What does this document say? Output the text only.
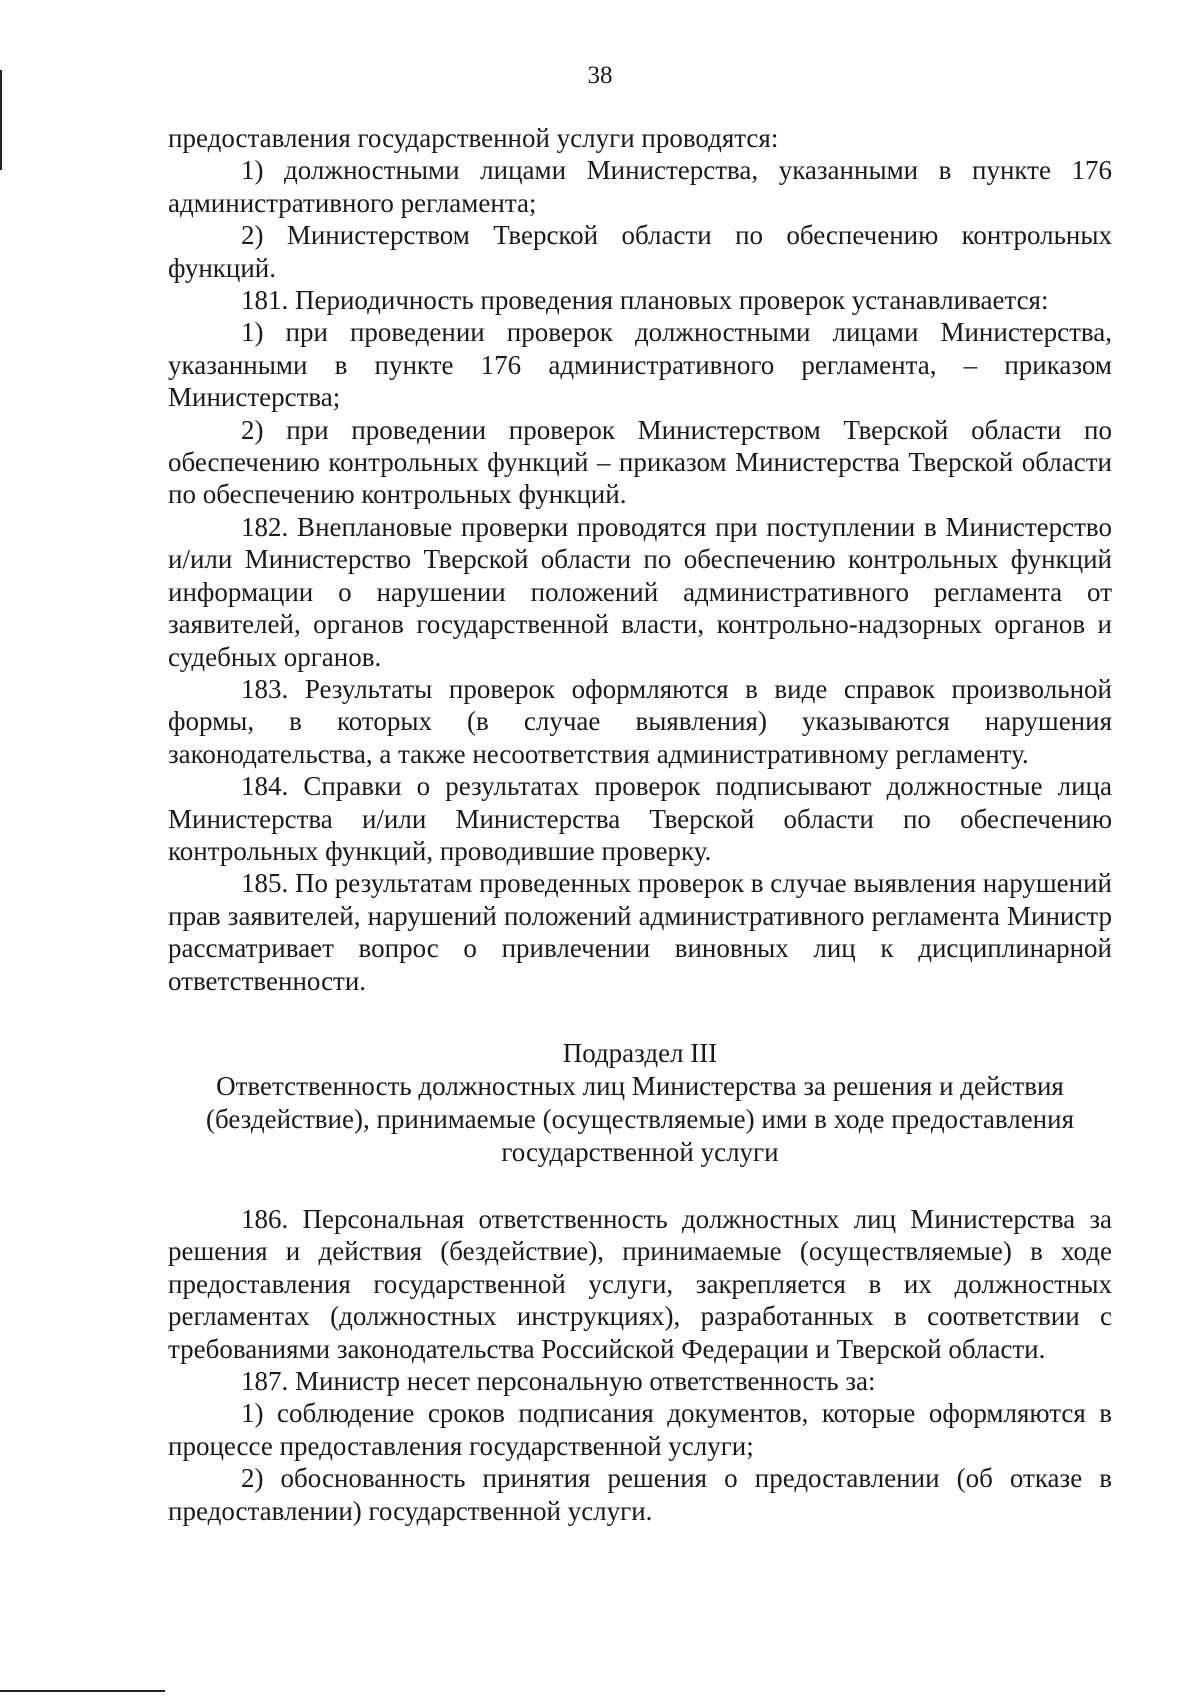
38

предоставления государственной услуги проводятся:

1) должностными лицами Министерства, указанными в пункте 176 административного регламента;

2) Министерством Тверской области по обеспечению контрольных функций.

181. Периодичность проведения плановых проверок устанавливается:

1) при проведении проверок должностными лицами Министерства, указанными в пункте 176 административного регламента, – приказом Министерства;

2) при проведении проверок Министерством Тверской области по обеспечению контрольных функций – приказом Министерства Тверской области по обеспечению контрольных функций.

182. Внеплановые проверки проводятся при поступлении в Министерство и/или Министерство Тверской области по обеспечению контрольных функций информации о нарушении положений административного регламента от заявителей, органов государственной власти, контрольно-надзорных органов и судебных органов.

183. Результаты проверок оформляются в виде справок произвольной формы, в которых (в случае выявления) указываются нарушения законодательства, а также несоответствия административному регламенту.

184. Справки о результатах проверок подписывают должностные лица Министерства и/или Министерства Тверской области по обеспечению контрольных функций, проводившие проверку.

185. По результатам проведенных проверок в случае выявления нарушений прав заявителей, нарушений положений административного регламента Министр рассматривает вопрос о привлечении виновных лиц к дисциплинарной ответственности.

Подраздел III
Ответственность должностных лиц Министерства за решения и действия
(бездействие), принимаемые (осуществляемые) ими в ходе предоставления
государственной услуги

186. Персональная ответственность должностных лиц Министерства за решения и действия (бездействие), принимаемые (осуществляемые) в ходе предоставления государственной услуги, закрепляется в их должностных регламентах (должностных инструкциях), разработанных в соответствии с требованиями законодательства Российской Федерации и Тверской области.

187. Министр несет персональную ответственность за:

1) соблюдение сроков подписания документов, которые оформляются в процессе предоставления государственной услуги;

2) обоснованность принятия решения о предоставлении (об отказе в предоставлении) государственной услуги.
